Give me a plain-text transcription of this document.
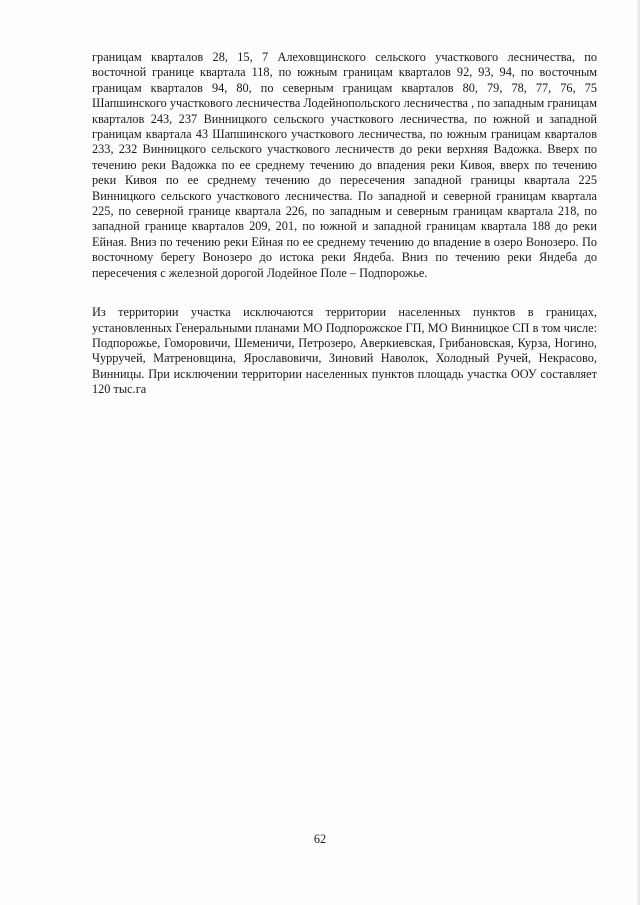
границам кварталов 28, 15, 7 Алеховщинского сельского участкового лесничества, по восточной границе квартала 118, по южным границам кварталов 92, 93, 94, по восточным границам кварталов 94, 80, по северным границам кварталов 80, 79, 78, 77, 76, 75 Шапшинского участкового лесничества Лодейнопольского лесничества , по западным границам кварталов 243, 237 Винницкого сельского участкового лесничества, по южной и западной границам квартала 43 Шапшинского участкового лесничества, по южным границам кварталов 233, 232 Винницкого сельского участкового лесничеств до реки верхняя Вадожка. Вверх по течению реки Вадожка по ее среднему течению до впадения реки Кивоя, вверх по течению реки Кивоя по ее среднему течению до пересечения западной границы квартала 225 Винницкого сельского участкового лесничества. По западной и северной границам квартала 225, по северной границе квартала 226, по западным и северным границам квартала 218, по западной границе кварталов 209, 201, по южной и западной границам квартала 188 до реки Ейная. Вниз по течению реки Ейная по ее среднему течению до впадение в озеро Вонозеро. По восточному берегу Вонозеро до истока реки Яндеба. Вниз по течению реки Яндеба до пересечения с железной дорогой Лодейное Поле – Подпорожье.

Из территории участка исключаются территории населенных пунктов в границах, установленных Генеральными планами МО Подпорожское ГП, МО Винницкое СП в том числе: Подпорожье, Гоморовичи, Шеменичи, Петрозеро, Аверкиевская, Грибановская, Курза, Ногино, Чурручей, Матреновщина, Ярославовичи, Зиновий Наволок, Холодный Ручей, Некрасово, Винницы. При исключении территории населенных пунктов площадь участка ООУ составляет 120 тыс.га

62
